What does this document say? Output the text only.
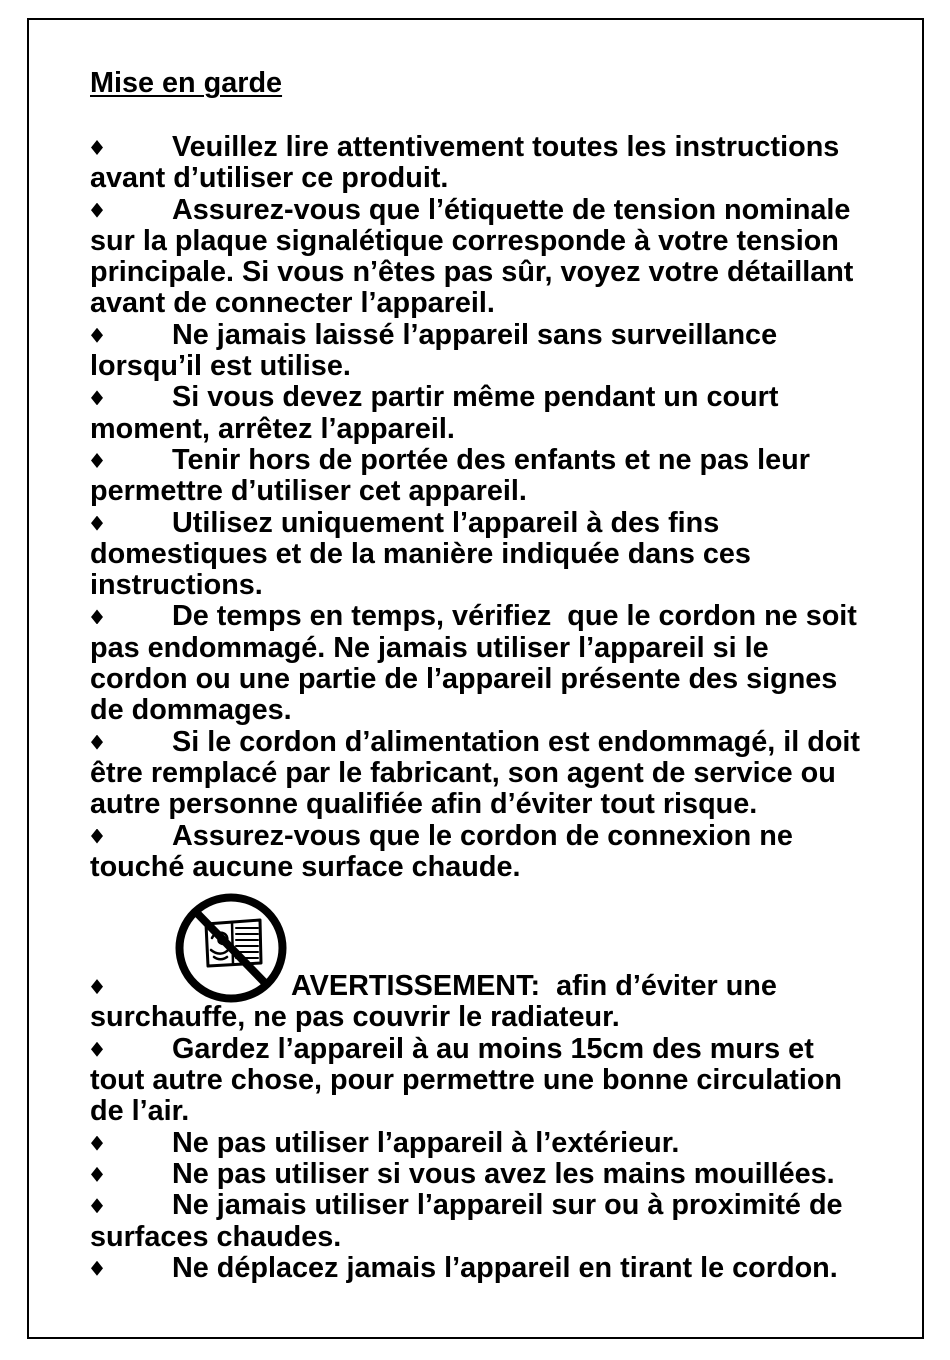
Mise en garde
Veuillez lire attentivement toutes les instructions
avant d’utiliser ce produit.
Assurez-vous que l’étiquette de tension nominale
sur la plaque signalétique corresponde à votre tension
principale. Si vous n’êtes pas sûr, voyez votre détaillant
avant de connecter l’appareil.
Ne jamais laissé l’appareil sans surveillance
lorsqu’il est utilise.
Si vous devez partir même pendant un court
moment, arrêtez l’appareil.
Tenir hors de portée des enfants et ne pas leur
permettre d’utiliser cet appareil.
Utilisez uniquement l’appareil à des fins
domestiques et de la manière indiquée dans ces
instructions.
De temps en temps, vérifiez  que le cordon ne soit
pas endommagé. Ne jamais utiliser l’appareil si le
cordon ou une partie de l’appareil présente des signes
de dommages.
Si le cordon d’alimentation est endommagé, il doit
être remplacé par le fabricant, son agent de service ou
autre personne qualifiée afin d’éviter tout risque.
Assurez-vous que le cordon de connexion ne
touché aucune surface chaude.
AVERTISSEMENT:  afin d’éviter une
surchauffe, ne pas couvrir le radiateur.
Gardez l’appareil à au moins 15cm des murs et
tout autre chose, pour permettre une bonne circulation
de l’air.
Ne pas utiliser l’appareil à l’extérieur.
Ne pas utiliser si vous avez les mains mouillées.
Ne jamais utiliser l’appareil sur ou à proximité de
surfaces chaudes.
Ne déplacez jamais l’appareil en tirant le cordon.
